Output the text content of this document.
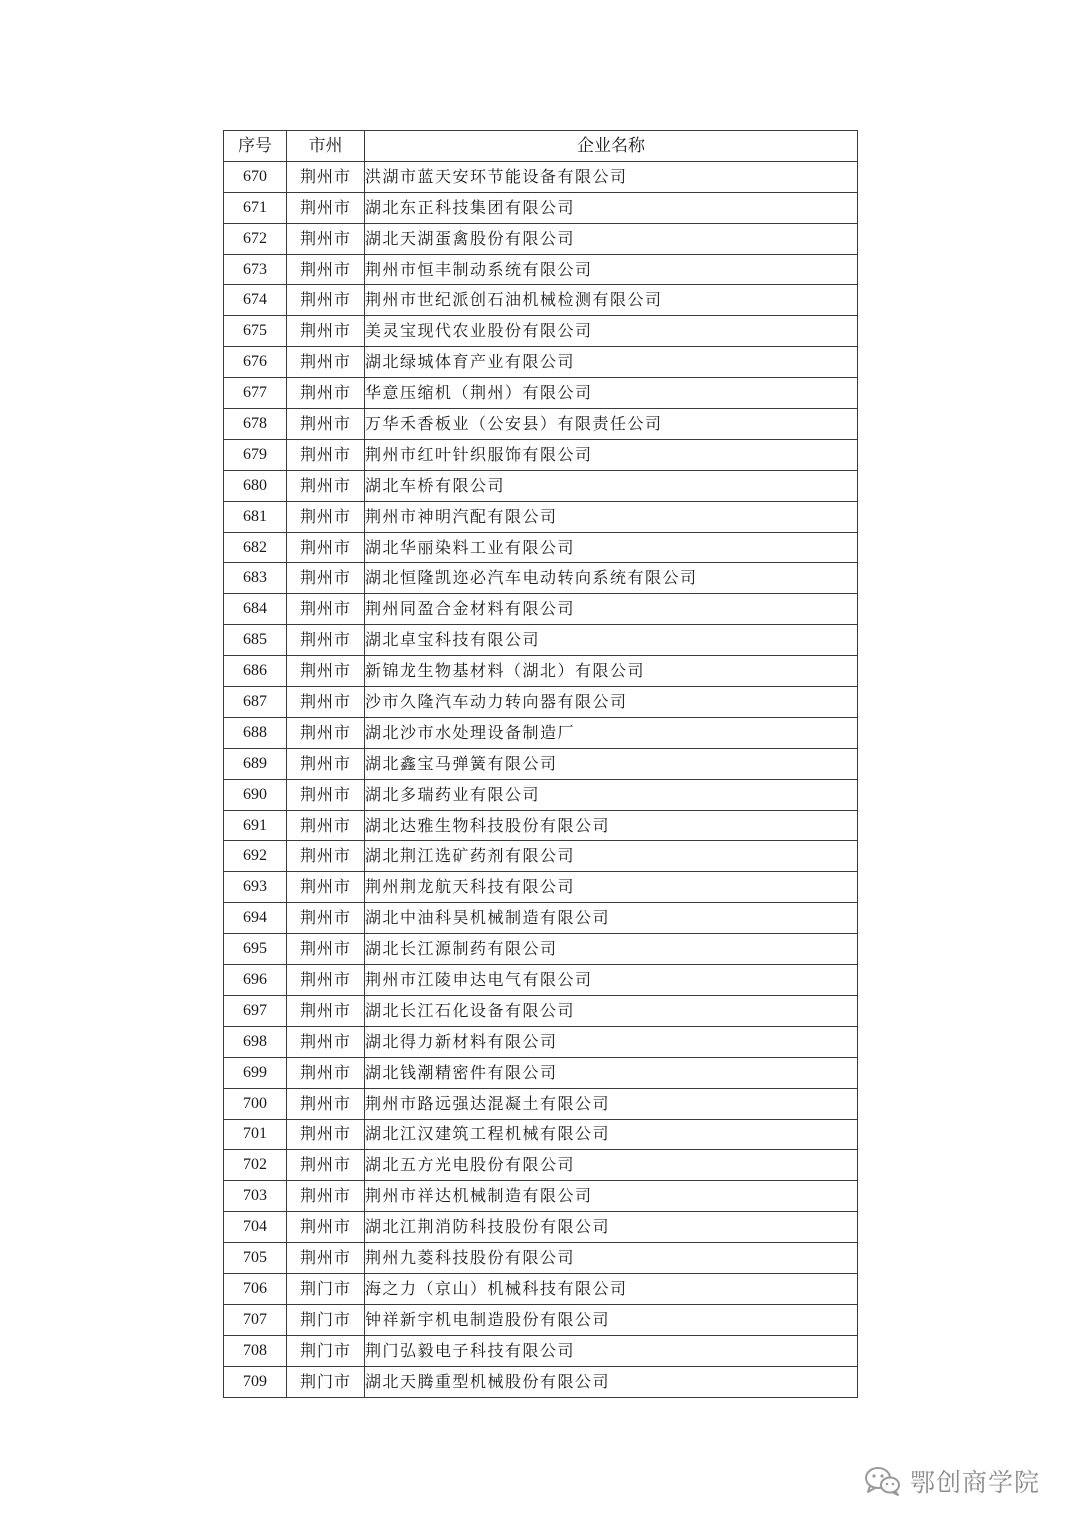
序号	市州	企业名称
670	荆州市	洪湖市蓝天安环节能设备有限公司
671	荆州市	湖北东正科技集团有限公司
672	荆州市	湖北天湖蛋禽股份有限公司
673	荆州市	荆州市恒丰制动系统有限公司
674	荆州市	荆州市世纪派创石油机械检测有限公司
675	荆州市	美灵宝现代农业股份有限公司
676	荆州市	湖北绿城体育产业有限公司
677	荆州市	华意压缩机（荆州）有限公司
678	荆州市	万华禾香板业（公安县）有限责任公司
679	荆州市	荆州市红叶针织服饰有限公司
680	荆州市	湖北车桥有限公司
681	荆州市	荆州市神明汽配有限公司
682	荆州市	湖北华丽染料工业有限公司
683	荆州市	湖北恒隆凯迩必汽车电动转向系统有限公司
684	荆州市	荆州同盈合金材料有限公司
685	荆州市	湖北卓宝科技有限公司
686	荆州市	新锦龙生物基材料（湖北）有限公司
687	荆州市	沙市久隆汽车动力转向器有限公司
688	荆州市	湖北沙市水处理设备制造厂
689	荆州市	湖北鑫宝马弹簧有限公司
690	荆州市	湖北多瑞药业有限公司
691	荆州市	湖北达雅生物科技股份有限公司
692	荆州市	湖北荆江选矿药剂有限公司
693	荆州市	荆州荆龙航天科技有限公司
694	荆州市	湖北中油科昊机械制造有限公司
695	荆州市	湖北长江源制药有限公司
696	荆州市	荆州市江陵申达电气有限公司
697	荆州市	湖北长江石化设备有限公司
698	荆州市	湖北得力新材料有限公司
699	荆州市	湖北钱潮精密件有限公司
700	荆州市	荆州市路远强达混凝土有限公司
701	荆州市	湖北江汉建筑工程机械有限公司
702	荆州市	湖北五方光电股份有限公司
703	荆州市	荆州市祥达机械制造有限公司
704	荆州市	湖北江荆消防科技股份有限公司
705	荆州市	荆州九菱科技股份有限公司
706	荆门市	海之力（京山）机械科技有限公司
707	荆门市	钟祥新宇机电制造股份有限公司
708	荆门市	荆门弘毅电子科技有限公司
709	荆门市	湖北天腾重型机械股份有限公司
鄂创商学院
